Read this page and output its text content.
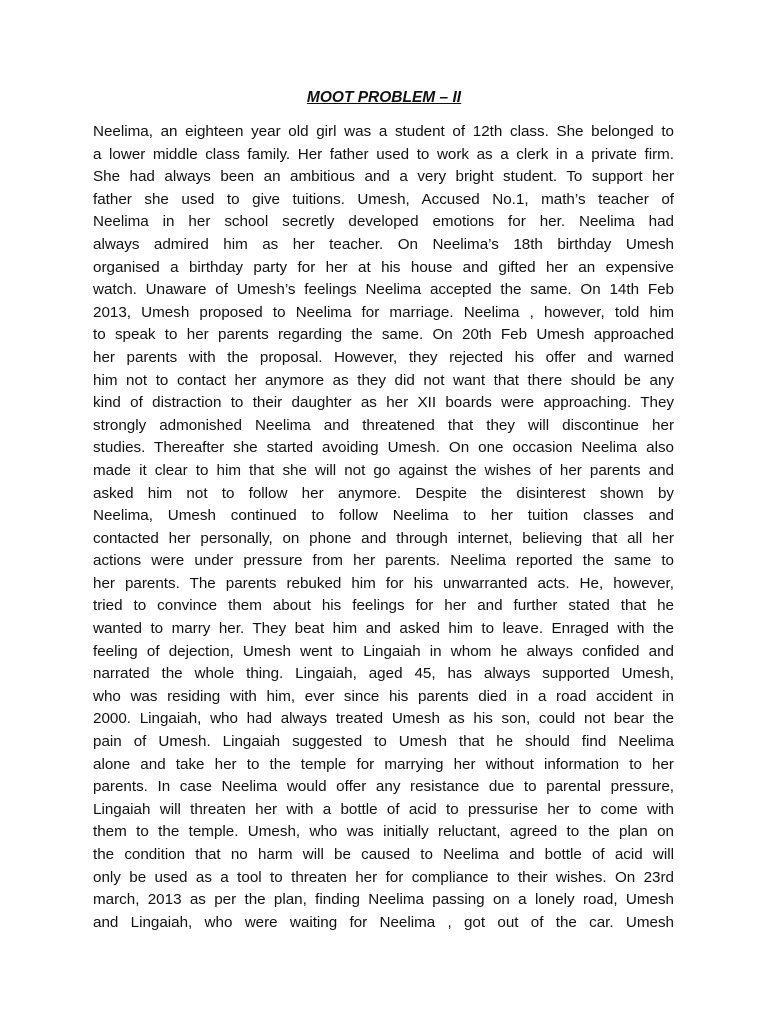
MOOT PROBLEM – II
Neelima, an eighteen year old girl was a student of 12th class. She belonged to
a lower middle class family. Her father used to work as a clerk in a private firm.
She had always been an ambitious and a very bright student. To support her
father she used to give tuitions. Umesh, Accused No.1, math’s teacher of
Neelima in her school secretly developed emotions for her. Neelima had
always admired him as her teacher. On Neelima’s 18th birthday Umesh
organised a birthday party for her at his house and gifted her an expensive
watch. Unaware of Umesh’s feelings Neelima accepted the same. On 14th Feb
2013, Umesh proposed to Neelima for marriage. Neelima , however, told him
to speak to her parents regarding the same. On 20th Feb Umesh approached
her parents with the proposal. However, they rejected his offer and warned
him not to contact her anymore as they did not want that there should be any
kind of distraction to their daughter as her XII boards were approaching. They
strongly admonished Neelima and threatened that they will discontinue her
studies. Thereafter she started avoiding Umesh. On one occasion Neelima also
made it clear to him that she will not go against the wishes of her parents and
asked him not to follow her anymore. Despite the disinterest shown by
Neelima, Umesh continued to follow Neelima to her tuition classes and
contacted her personally, on phone and through internet, believing that all her
actions were under pressure from her parents. Neelima reported the same to
her parents. The parents rebuked him for his unwarranted acts. He, however,
tried to convince them about his feelings for her and further stated that he
wanted to marry her. They beat him and asked him to leave. Enraged with the
feeling of dejection, Umesh went to Lingaiah in whom he always confided and
narrated the whole thing. Lingaiah, aged 45, has always supported Umesh,
who was residing with him, ever since his parents died in a road accident in
2000. Lingaiah, who had always treated Umesh as his son, could not bear the
pain of Umesh. Lingaiah suggested to Umesh that he should find Neelima
alone and take her to the temple for marrying her without information to her
parents. In case Neelima would offer any resistance due to parental pressure,
Lingaiah will threaten her with a bottle of acid to pressurise her to come with
them to the temple. Umesh, who was initially reluctant, agreed to the plan on
the condition that no harm will be caused to Neelima and bottle of acid will
only be used as a tool to threaten her for compliance to their wishes. On 23rd
march, 2013 as per the plan, finding Neelima passing on a lonely road, Umesh
and Lingaiah, who were waiting for Neelima , got out of the car. Umesh
